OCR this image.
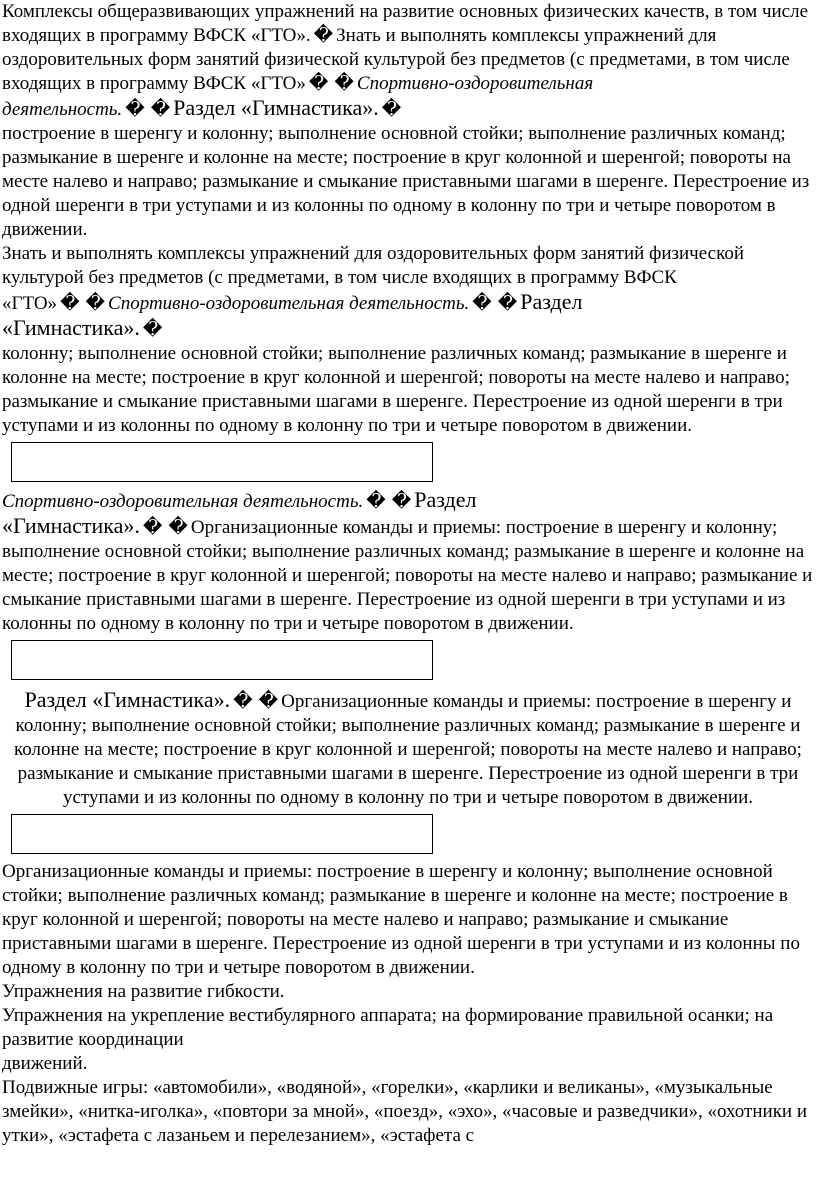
Комплексы общеразвивающих упражнений на развитие основных физических качеств, в том числе входящих в программу ВФСК «ГТО». � Знать и выполнять комплексы упражнений для оздоровительных форм занятий физической культурой без предметов (с предметами, в том числе входящих в программу ВФСК «ГТО» � � Спортивно-оздоровительная деятельность. � � Раздел «Гимнастика». �

построение в шеренгу и колонну; выполнение основной стойки; выполнение различных команд; размыкание в шеренге и колонне на месте; построение в круг колонной и шеренгой; повороты на месте налево и направо; размыкание и смыкание приставными шагами в шеренге. Перестроение из одной шеренги в три уступами и из колонны по одному в колонну по три и четыре поворотом в движении.

Знать и выполнять комплексы упражнений для оздоровительных форм занятий физической культурой без предметов (с предметами, в том числе входящих в программу ВФСК «ГТО» � � Спортивно-оздоровительная деятельность. � � Раздел
«Гимнастика». �

колонну; выполнение основной стойки; выполнение различных команд; размыкание в шеренге и колонне на месте; построение в круг колонной и шеренгой; повороты на месте налево и направо; размыкание и смыкание приставными шагами в шеренге. Перестроение из одной шеренги в три уступами и из колонны по одному в колонну по три и четыре поворотом в движении.

Спортивно-оздоровительная деятельность. � � Раздел
«Гимнастика». � � Организационные команды и приемы: построение в шеренгу и колонну; выполнение основной стойки; выполнение различных команд; размыкание в шеренге и колонне на месте; построение в круг колонной и шеренгой; повороты на месте налево и направо; размыкание и смыкание приставными шагами в шеренге. Перестроение из одной шеренги в три уступами и из колонны по одному в колонну по три и четыре поворотом в движении.

Раздел «Гимнастика». � � Организационные команды и приемы: построение в шеренгу и колонну; выполнение основной стойки; выполнение различных команд; размыкание в шеренге и колонне на месте; построение в круг колонной и шеренгой; повороты на месте налево и направо; размыкание и смыкание приставными шагами в шеренге. Перестроение из одной шеренги в три уступами и из колонны по одному в колонну по три и четыре поворотом в движении.

Организационные команды и приемы: построение в шеренгу и колонну; выполнение основной стойки; выполнение различных команд; размыкание в шеренге и колонне на месте; построение в круг колонной и шеренгой; повороты на месте налево и направо; размыкание и смыкание приставными шагами в шеренге. Перестроение из одной шеренги в три уступами и из колонны по одному в колонну по три и четыре поворотом в движении.

Упражнения на развитие гибкости.

Упражнения на укрепление вестибулярного аппарата; на формирование правильной осанки; на развитие координации

движений.

Подвижные игры: «автомобили», «водяной», «горелки», «карлики и великаны», «музыкальные змейки», «нитка-иголка», «повтори за мной», «поезд», «эхо», «часовые и разведчики», «охотники и утки», «эстафета с лазаньем и перелезанием», «эстафета с
